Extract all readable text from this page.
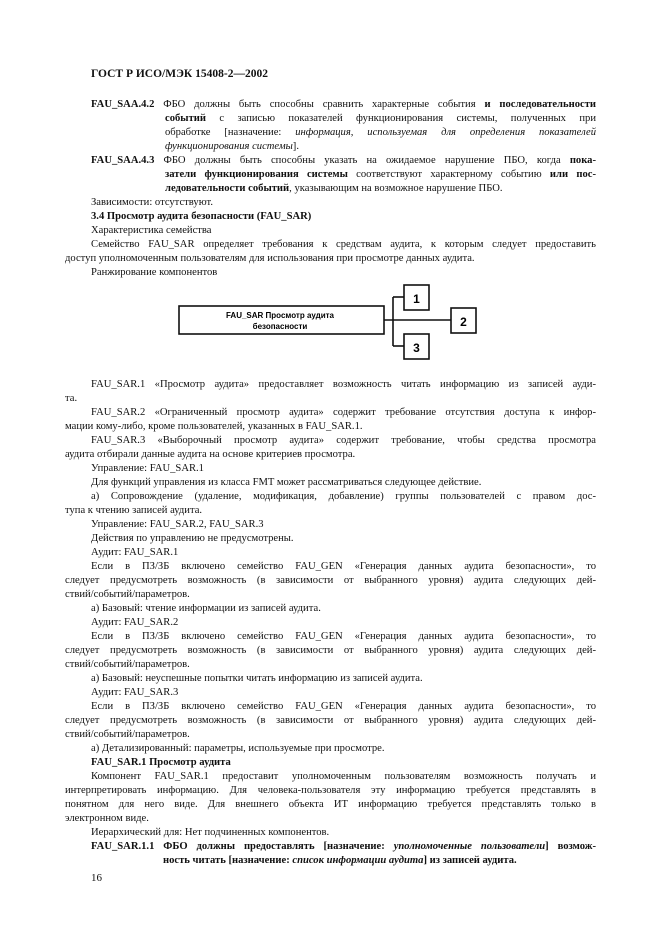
ГОСТ Р ИСО/МЭК 15408-2—2002
FAU_SAA.4.2 ФБО должны быть способны сравнить характерные события и последовательности
событий с записью показателей функционирования системы, полученных при
обработке [назначение: информация, используемая для определения показателей
функционирования системы].
FAU_SAA.4.3 ФБО должны быть способны указать на ожидаемое нарушение ПБО, когда пока-
затели функционирования системы соответствуют характерному событию или пос-
ледовательности событий, указывающим на возможное нарушение ПБО.
Зависимости: отсутствуют.
3.4 Просмотр аудита безопасности (FAU_SAR)
Характеристика семейства
Семейство FAU_SAR определяет требования к средствам аудита, к которым следует предоставить
доступ уполномоченным пользователям для использования при просмотре данных аудита.
Ранжирование компонентов
FAU_SAR Просмотр аудита
безопасности
1
2
3
FAU_SAR.1 «Просмотр аудита» предоставляет возможность читать информацию из записей ауди-
та.
FAU_SAR.2 «Ограниченный просмотр аудита» содержит требование отсутствия доступа к инфор-
мации кому-либо, кроме пользователей, указанных в FAU_SAR.1.
FAU_SAR.3 «Выборочный просмотр аудита» содержит требование, чтобы средства просмотра
аудита отбирали данные аудита на основе критериев просмотра.
Управление: FAU_SAR.1
Для функций управления из класса FMT может рассматриваться следующее действие.
а) Сопровождение (удаление, модификация, добавление) группы пользователей с правом дос-
тупа к чтению записей аудита.
Управление: FAU_SAR.2, FAU_SAR.3
Действия по управлению не предусмотрены.
Аудит: FAU_SAR.1
Если в ПЗ/ЗБ включено семейство FAU_GEN «Генерация данных аудита безопасности», то
следует предусмотреть возможность (в зависимости от выбранного уровня) аудита следующих дей-
ствий/событий/параметров.
а) Базовый: чтение информации из записей аудита.
Аудит: FAU_SAR.2
Если в ПЗ/ЗБ включено семейство FAU_GEN «Генерация данных аудита безопасности», то
следует предусмотреть возможность (в зависимости от выбранного уровня) аудита следующих дей-
ствий/событий/параметров.
а) Базовый: неуспешные попытки читать информацию из записей аудита.
Аудит: FAU_SAR.3
Если в ПЗ/ЗБ включено семейство FAU_GEN «Генерация данных аудита безопасности», то
следует предусмотреть возможность (в зависимости от выбранного уровня) аудита следующих дей-
ствий/событий/параметров.
а) Детализированный: параметры, используемые при просмотре.
FAU_SAR.1 Просмотр аудита
Компонент FAU_SAR.1 предоставит уполномоченным пользователям возможность получать и
интерпретировать информацию. Для человека-пользователя эту информацию требуется представлять в
понятном для него виде. Для внешнего объекта ИТ информацию требуется представлять только в
электронном виде.
Иерархический для: Нет подчиненных компонентов.
FAU_SAR.1.1 ФБО должны предоставлять [назначение: уполномоченные пользователи] возмож-
ность читать [назначение: список информации аудита] из записей аудита.
16
